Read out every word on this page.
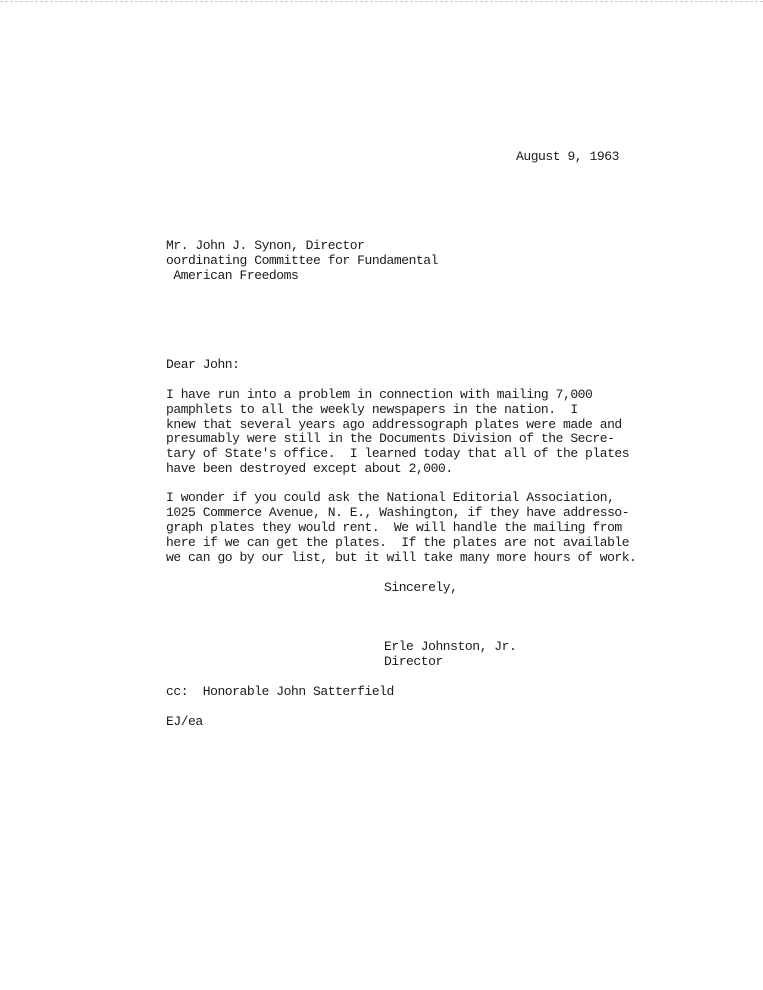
August 9, 1963
Mr. John J. Synon, Director
oordinating Committee for Fundamental
American Freedoms
Dear John:
I have run into a problem in connection with mailing 7,000
pamphlets to all the weekly newspapers in the nation.  I
knew that several years ago addressograph plates were made and
presumably were still in the Documents Division of the Secre-
tary of State's office.  I learned today that all of the plates
have been destroyed except about 2,000.
I wonder if you could ask the National Editorial Association,
1025 Commerce Avenue, N. E., Washington, if they have addresso-
graph plates they would rent.  We will handle the mailing from
here if we can get the plates.  If the plates are not available
we can go by our list, but it will take many more hours of work.
Sincerely,
Erle Johnston, Jr.
Director
cc:  Honorable John Satterfield
EJ/ea
